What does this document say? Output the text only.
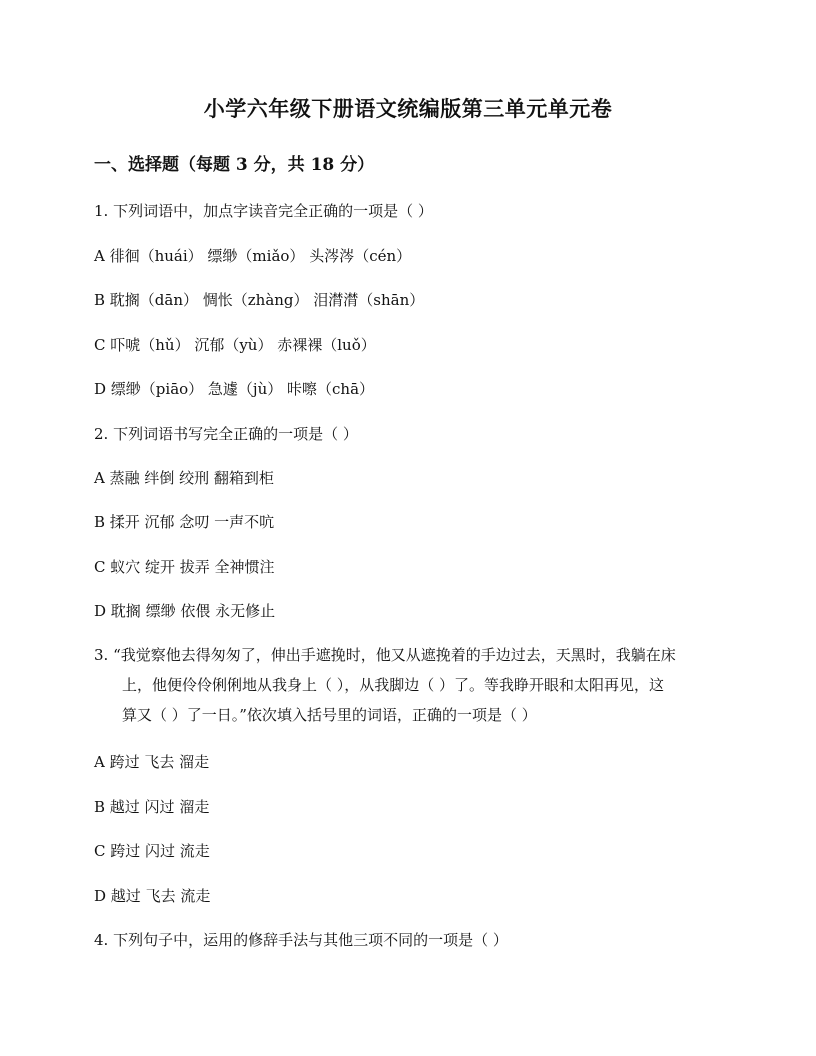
小学六年级下册语文统编版第三单元单元卷
一、选择题（每题 3 分，共 18 分）
1. 下列词语中，加点字读音完全正确的一项是（ ）
A 徘徊（huái） 缥缈（miǎo） 头涔涔（cén）
B 耽搁（dān） 惆怅（zhàng） 泪潸潸（shān）
C 吓唬（hǔ） 沉郁（yù） 赤裸裸（luǒ）
D 缥缈（piāo） 急遽（jù） 咔嚓（chā）
2. 下列词语书写完全正确的一项是（ ）
A 蒸融 绊倒 绞刑 翻箱到柜
B 揉开 沉郁 念叨 一声不吭
C 蚁穴 绽开 拔弄 全神惯注
D 耽搁 缥缈 依偎 永无修止
3. “我觉察他去得匆匆了，伸出手遮挽时，他又从遮挽着的手边过去，天黑时，我躺在床
上，他便伶伶俐俐地从我身上（ ），从我脚边（ ）了。等我睁开眼和太阳再见，这
算又（ ）了一日。”依次填入括号里的词语，正确的一项是（ ）
A 跨过 飞去 溜走
B 越过 闪过 溜走
C 跨过 闪过 流走
D 越过 飞去 流走
4. 下列句子中，运用的修辞手法与其他三项不同的一项是（ ）
